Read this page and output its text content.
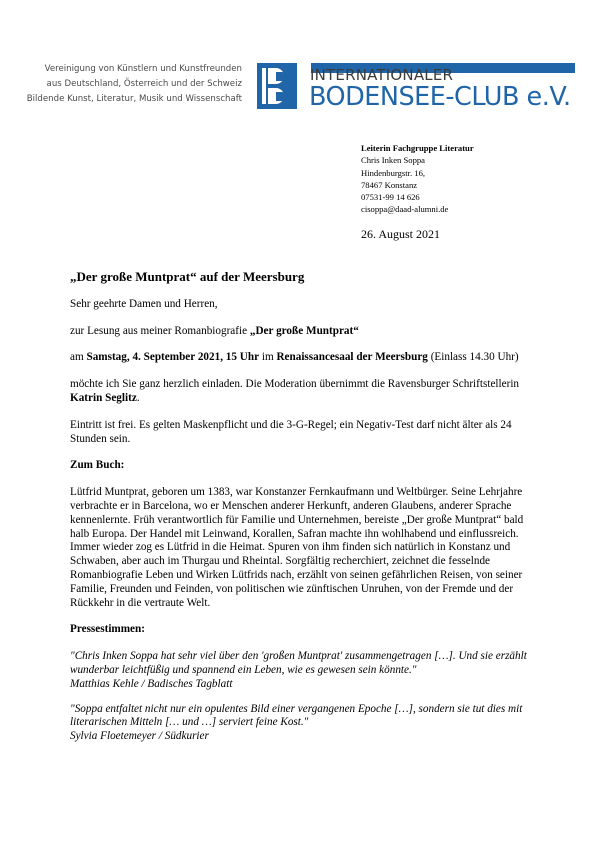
Vereinigung von Künstlern und Kunstfreunden
aus Deutschland, Österreich und der Schweiz
Bildende Kunst, Literatur, Musik und Wissenschaft
INTERNATIONALER
BODENSEE-CLUB e.V.
Leiterin Fachgruppe Literatur
Chris Inken Soppa
Hindenburgstr. 16,
78467 Konstanz
07531-99 14 626
cisoppa@daad-alumni.de
26. August 2021
„Der große Muntprat“ auf der Meersburg

Sehr geehrte Damen und Herren,

zur Lesung aus meiner Romanbiografie „Der große Muntprat“

am Samstag, 4. September 2021, 15 Uhr im Renaissancesaal der Meersburg (Einlass 14.30 Uhr)

möchte ich Sie ganz herzlich einladen. Die Moderation übernimmt die Ravensburger Schriftstellerin Katrin Seglitz.

Eintritt ist frei. Es gelten Maskenpflicht und die 3-G-Regel; ein Negativ-Test darf nicht älter als 24 Stunden sein.

Zum Buch:

Lütfrid Muntprat, geboren um 1383, war Konstanzer Fernkaufmann und Weltbürger. Seine Lehrjahre verbrachte er in Barcelona, wo er Menschen anderer Herkunft, anderen Glaubens, anderer Sprache kennenlernte. Früh verantwortlich für Familie und Unternehmen, bereiste „Der große Muntprat“ bald halb Europa. Der Handel mit Leinwand, Korallen, Safran machte ihn wohlhabend und einflussreich. Immer wieder zog es Lütfrid in die Heimat. Spuren von ihm finden sich natürlich in Konstanz und Schwaben, aber auch im Thurgau und Rheintal. Sorgfältig recherchiert, zeichnet die fesselnde Romanbiografie Leben und Wirken Lütfrids nach, erzählt von seinen gefährlichen Reisen, von seiner Familie, Freunden und Feinden, von politischen wie zünftischen Unruhen, von der Fremde und der Rückkehr in die vertraute Welt.

Pressestimmen:

"Chris Inken Soppa hat sehr viel über den 'großen Muntprat' zusammengetragen […]. Und sie erzählt wunderbar leichtfüßig und spannend ein Leben, wie es gewesen sein könnte."

Matthias Kehle / Badisches Tagblatt

"Soppa entfaltet nicht nur ein opulentes Bild einer vergangenen Epoche […], sondern sie tut dies mit literarischen Mitteln [… und …] serviert feine Kost."

Sylvia Floetemeyer / Südkurier
